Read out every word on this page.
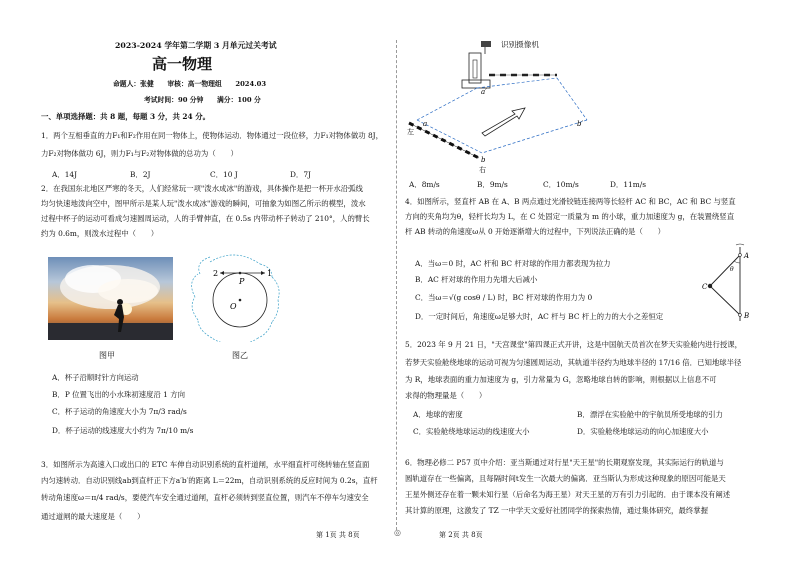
2023-2024 学年第二学期 3 月单元过关考试
高一物理
命题人：张健　　审核：高一物理组　　2024.03
考试时间：90 分钟　　满分：100 分
一、单项选择题：共 8 题，每题 3 分，共 24 分。
1．两个互相垂直的力F₁和F₂作用在同一物体上，使物体运动．物体通过一段位移，力F₁对物体做功 8J，
力F₂对物体做功 6J，则力F₁与F₂对物体做的总功为（　　）
A．14J	B．2J	C．10 J	D．7J
2．在我国东北地区严寒的冬天，人们经常玩一项"泼水成冰"的游戏，具体操作是把一杯开水沿弧线
均匀快速地泼向空中，图甲所示是某人玩"泼水成冰"游戏的瞬间，可抽象为如图乙所示的模型，泼水
过程中杯子的运动可看成匀速圆周运动，人的手臂伸直，在 0.5s 内带动杯子转动了 210°，人的臂长
约为 0.6m，则泼水过程中（　　）
图甲
2	1
P
O
图乙
A．杯子沿顺时针方向运动
B．P 位置飞出的小水珠初速度沿 1 方向
C．杯子运动的角速度大小为 7π/3 rad/s
D．杯子运动的线速度大小约为 7π/10 m/s
3．如图所示为高速入口或出口的 ETC 车伸自动识别系统的直杆道闸，水平细直杆可绕转轴在竖直面
内匀速转动．自动识别线ab到直杆正下方a′b′的距离 L＝22m，自动识别系统的反应时间为 0.2s，直杆
转动角速度ω＝π/4 rad/s，要使汽车安全通过道闸，直杆必须转到竖直位置，则汽车不停车匀速安全
通过道闸的最大速度是（　　）
第 1页 共 8页	◎
a′
b′
a
b
左
右
识别摄像机
A．8m/s	B．9m/s	C．10m/s	D．11m/s
4．如图所示，竖直杆 AB 在 A、B 两点通过光滑铰链连接两等长轻杆 AC 和 BC，AC 和 BC 与竖直
方向的夹角均为θ，轻杆长均为 L，在 C 处固定一质量为 m 的小球，重力加速度为 g，在装置绕竖直
杆 AB 转动的角速度ω从 0 开始逐渐增大的过程中，下列说法正确的是（　　）
A．当ω＝0 时，AC 杆和 BC 杆对球的作用力都表现为拉力
B．AC 杆对球的作用力先增大后减小
C．当ω＝√(g cosθ / L) 时，BC 杆对球的作用力为 0
D．一定时间后，角速度ω足够大时，AC 杆与 BC 杆上的力的大小之差恒定
A
B
C
θ
5．2023 年 9 月 21 日，"天宫课堂"第四课正式开讲，这是中国航天员首次在梦天实验舱内进行授课，
若梦天实验舱绕地球的运动可视为匀速圆周运动，其轨道半径约为地球半径的 17/16 倍．已知地球半径
为 R，地球表面的重力加速度为 g，引力常量为 G，忽略地球自转的影响，则根据以上信息不可
求得的物理量是（　　）
A．地球的密度	B．漂浮在实验舱中的宇航员所受地球的引力
C．实验舱绕地球运动的线速度大小	D．实验舱绕地球运动的向心加速度大小
6．物理必修二 P57 页中介绍：亚当斯通过对行星"天王星"的长期观察发现，其实际运行的轨道与
圆轨道存在一些偏离，且每隔时间t发生一次最大的偏离．亚当斯认为形成这种现象的原因可能是天
王星外侧还存在着一颗未知行星（后命名为海王星）对天王星的万有引力引起的．由于课本没有阐述
其计算的原理，这激发了 TZ 一中学天文爱好社团同学的探索热情，通过集体研究，最终掌握
第 2页 共 8页
